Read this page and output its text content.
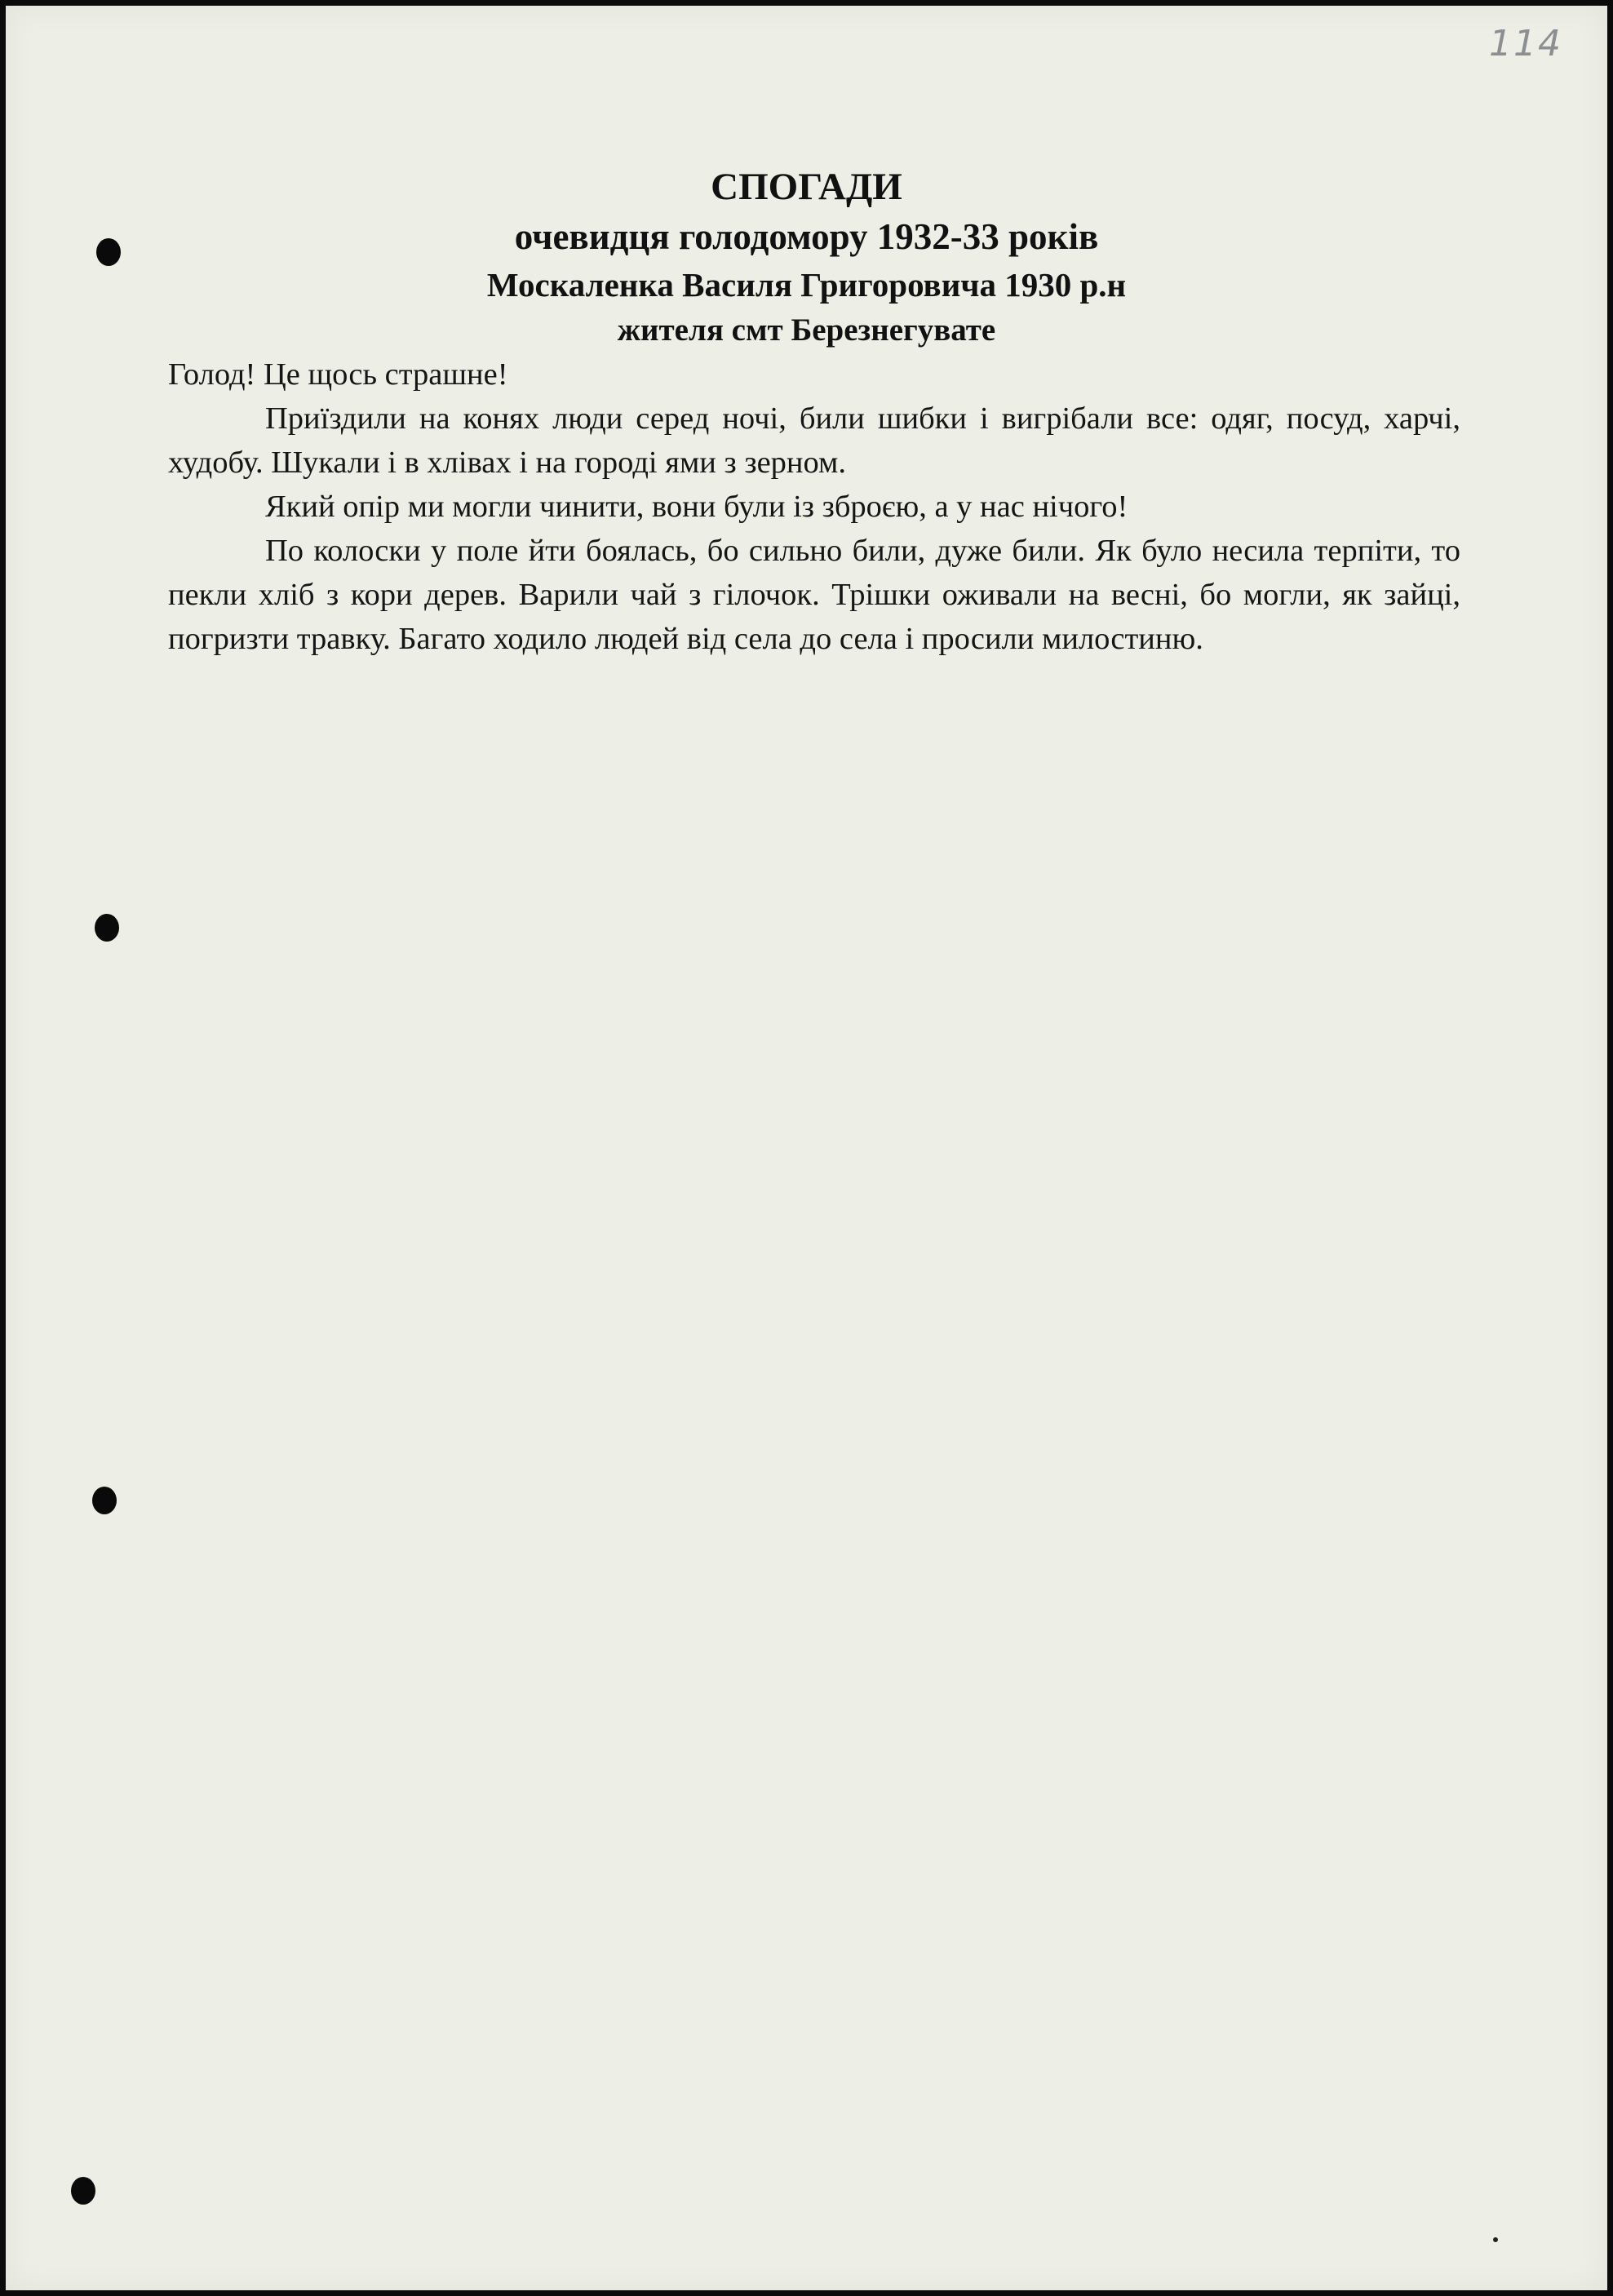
114
СПОГАДИ
очевидця голодомору 1932-33 років
Москаленка Василя Григоровича 1930 р.н
жителя смт Березнегувате

Голод! Це щось страшне!

Приїздили на конях люди серед ночі, били шибки і вигрібали все: одяг, посуд, харчі, худобу. Шукали і в хлівах і на городі ями з зерном.

Який опір ми могли чинити, вони були із зброєю, а у нас нічого!

По колоски у поле йти боялась, бо сильно били, дуже били. Як було несила терпіти, то пекли хліб з кори дерев. Варили чай з гілочок. Трішки оживали на весні, бо могли, як зайці, погризти травку. Багато ходило людей від села до села і просили милостиню.
